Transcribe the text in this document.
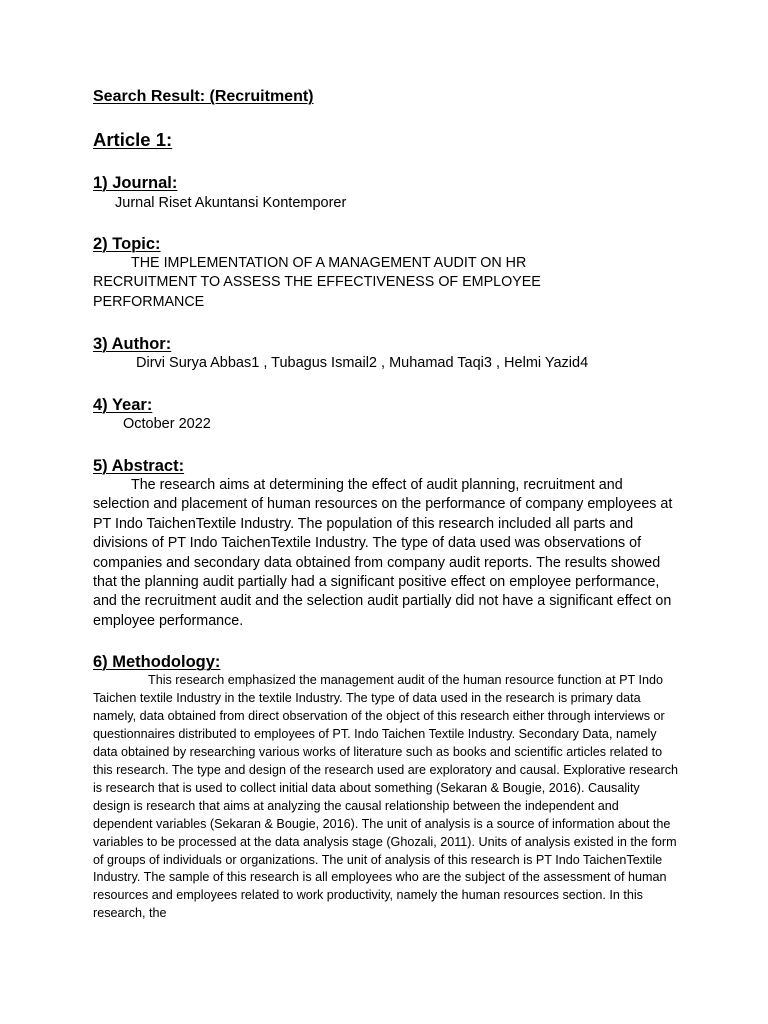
Search Result: (Recruitment)
Article 1:
1) Journal:
Jurnal Riset Akuntansi Kontemporer
2) Topic:
THE IMPLEMENTATION OF A MANAGEMENT AUDIT ON HR RECRUITMENT TO ASSESS THE EFFECTIVENESS OF EMPLOYEE PERFORMANCE
3) Author:
Dirvi Surya Abbas1 , Tubagus Ismail2 , Muhamad Taqi3 , Helmi Yazid4
4) Year:
October 2022
5) Abstract:
The research aims at determining the effect of audit planning, recruitment and selection and placement of human resources on the performance of company employees at PT Indo TaichenTextile Industry. The population of this research included all parts and divisions of PT Indo TaichenTextile Industry. The type of data used was observations of companies and secondary data obtained from company audit reports. The results showed that the planning audit partially had a significant positive effect on employee performance, and the recruitment audit and the selection audit partially did not have a significant effect on employee performance.
6) Methodology:
This research emphasized the management audit of the human resource function at PT Indo Taichen textile Industry in the textile Industry. The type of data used in the research is primary data namely, data obtained from direct observation of the object of this research either through interviews or questionnaires distributed to employees of PT. Indo Taichen Textile Industry. Secondary Data, namely data obtained by researching various works of literature such as books and scientific articles related to this research. The type and design of the research used are exploratory and causal. Explorative research is research that is used to collect initial data about something (Sekaran & Bougie, 2016). Causality design is research that aims at analyzing the causal relationship between the independent and dependent variables (Sekaran & Bougie, 2016). The unit of analysis is a source of information about the variables to be processed at the data analysis stage (Ghozali, 2011). Units of analysis existed in the form of groups of individuals or organizations. The unit of analysis of this research is PT Indo TaichenTextile Industry. The sample of this research is all employees who are the subject of the assessment of human resources and employees related to work productivity, namely the human resources section. In this research, the
